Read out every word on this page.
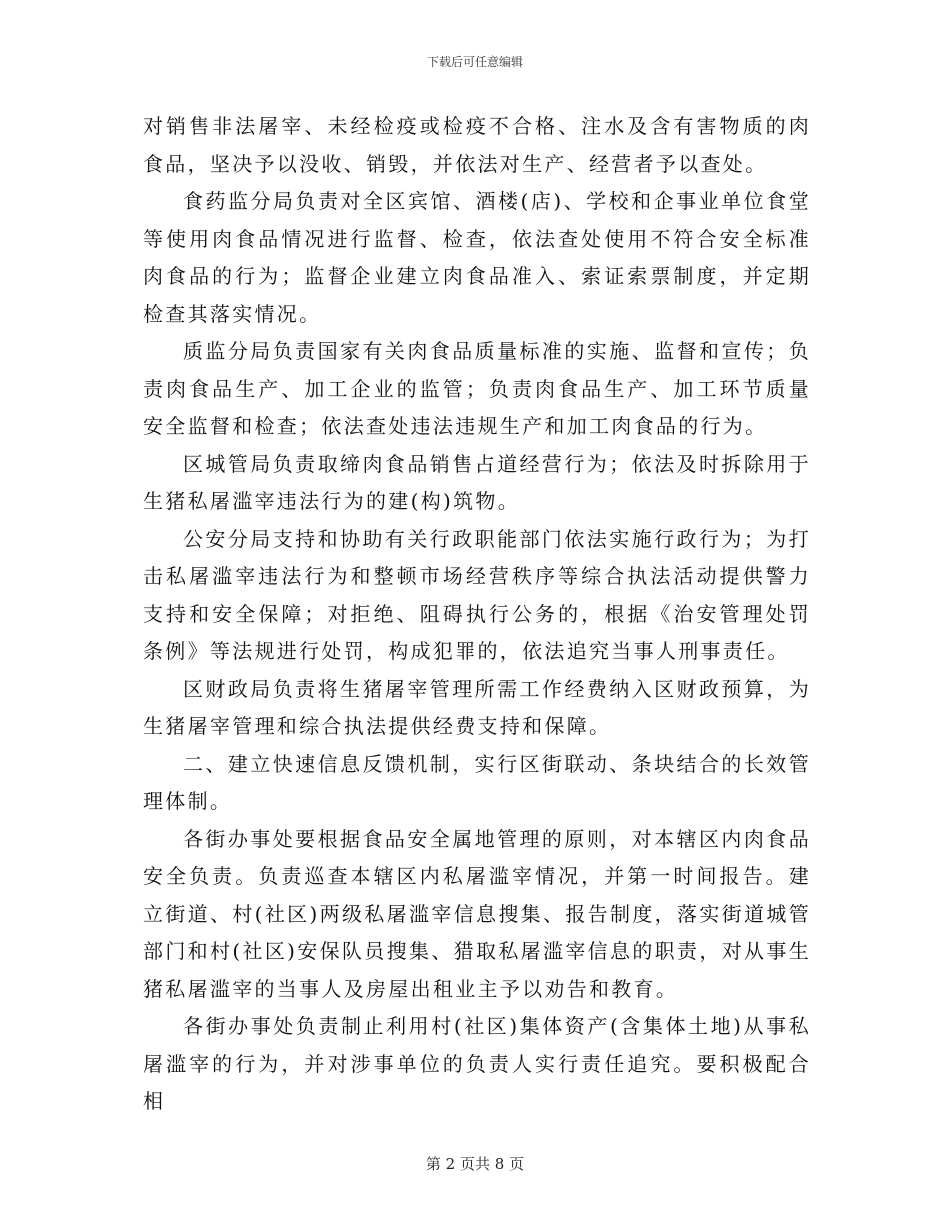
下载后可任意编辑

对销售非法屠宰、未经检疫或检疫不合格、注水及含有害物质的肉食品，坚决予以没收、销毁，并依法对生产、经营者予以查处。

食药监分局负责对全区宾馆、酒楼(店)、学校和企事业单位食堂等使用肉食品情况进行监督、检查，依法查处使用不符合安全标准肉食品的行为；监督企业建立肉食品准入、索证索票制度，并定期检查其落实情况。

质监分局负责国家有关肉食品质量标准的实施、监督和宣传；负责肉食品生产、加工企业的监管；负责肉食品生产、加工环节质量安全监督和检查；依法查处违法违规生产和加工肉食品的行为。

区城管局负责取缔肉食品销售占道经营行为；依法及时拆除用于生猪私屠滥宰违法行为的建(构)筑物。

公安分局支持和协助有关行政职能部门依法实施行政行为；为打击私屠滥宰违法行为和整顿市场经营秩序等综合执法活动提供警力支持和安全保障；对拒绝、阻碍执行公务的，根据《治安管理处罚条例》等法规进行处罚，构成犯罪的，依法追究当事人刑事责任。

区财政局负责将生猪屠宰管理所需工作经费纳入区财政预算，为生猪屠宰管理和综合执法提供经费支持和保障。

二、建立快速信息反馈机制，实行区街联动、条块结合的长效管理体制。

各街办事处要根据食品安全属地管理的原则，对本辖区内肉食品安全负责。负责巡查本辖区内私屠滥宰情况，并第一时间报告。建立街道、村(社区)两级私屠滥宰信息搜集、报告制度，落实街道城管部门和村(社区)安保队员搜集、猎取私屠滥宰信息的职责，对从事生猪私屠滥宰的当事人及房屋出租业主予以劝告和教育。

各街办事处负责制止利用村(社区)集体资产(含集体土地)从事私屠滥宰的行为，并对涉事单位的负责人实行责任追究。要积极配合相

第 2 页共 8 页
